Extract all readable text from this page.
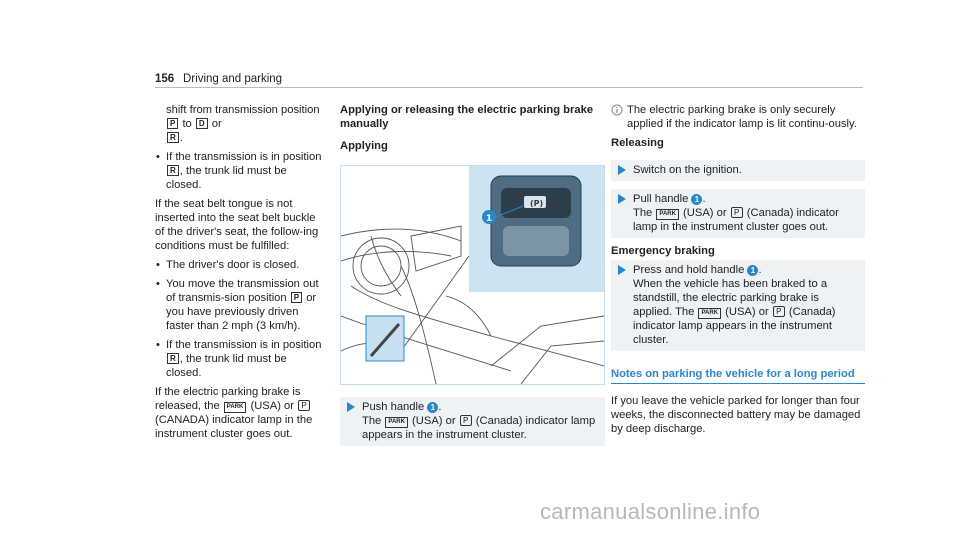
156 Driving and parking

shift from transmission position P to D or
R .

• If the transmission is in position R , the trunk lid must be closed.

If the seat belt tongue is not inserted into the seat belt buckle of the driver's seat, the follow-ing conditions must be fulfilled:

• The driver's door is closed.
• You move the transmission out of transmis-sion position P or you have previously driven faster than 2 mph (3 km/h).
• If the transmission is in position R , the trunk lid must be closed.

If the electric parking brake is released, the PARK (USA) or P (CANADA) indicator lamp in the instrument cluster goes out.

Applying or releasing the electric parking brake manually
Applying
(P)
1
Push handle 1 .
The PARK (USA) or P (Canada) indicator lamp appears in the instrument cluster.
The electric parking brake is only securely applied if the indicator lamp is lit continu-ously.
Releasing
Switch on the ignition.
Pull handle 1 .
The PARK (USA) or P (Canada) indicator lamp in the instrument cluster goes out.
Emergency braking
Press and hold handle 1 .
When the vehicle has been braked to a standstill, the electric parking brake is applied. The PARK (USA) or P (Canada) indicator lamp appears in the instrument cluster.
Notes on parking the vehicle for a long period

If you leave the vehicle parked for longer than four weeks, the disconnected battery may be damaged by deep discharge.

carmanualsonline.info
